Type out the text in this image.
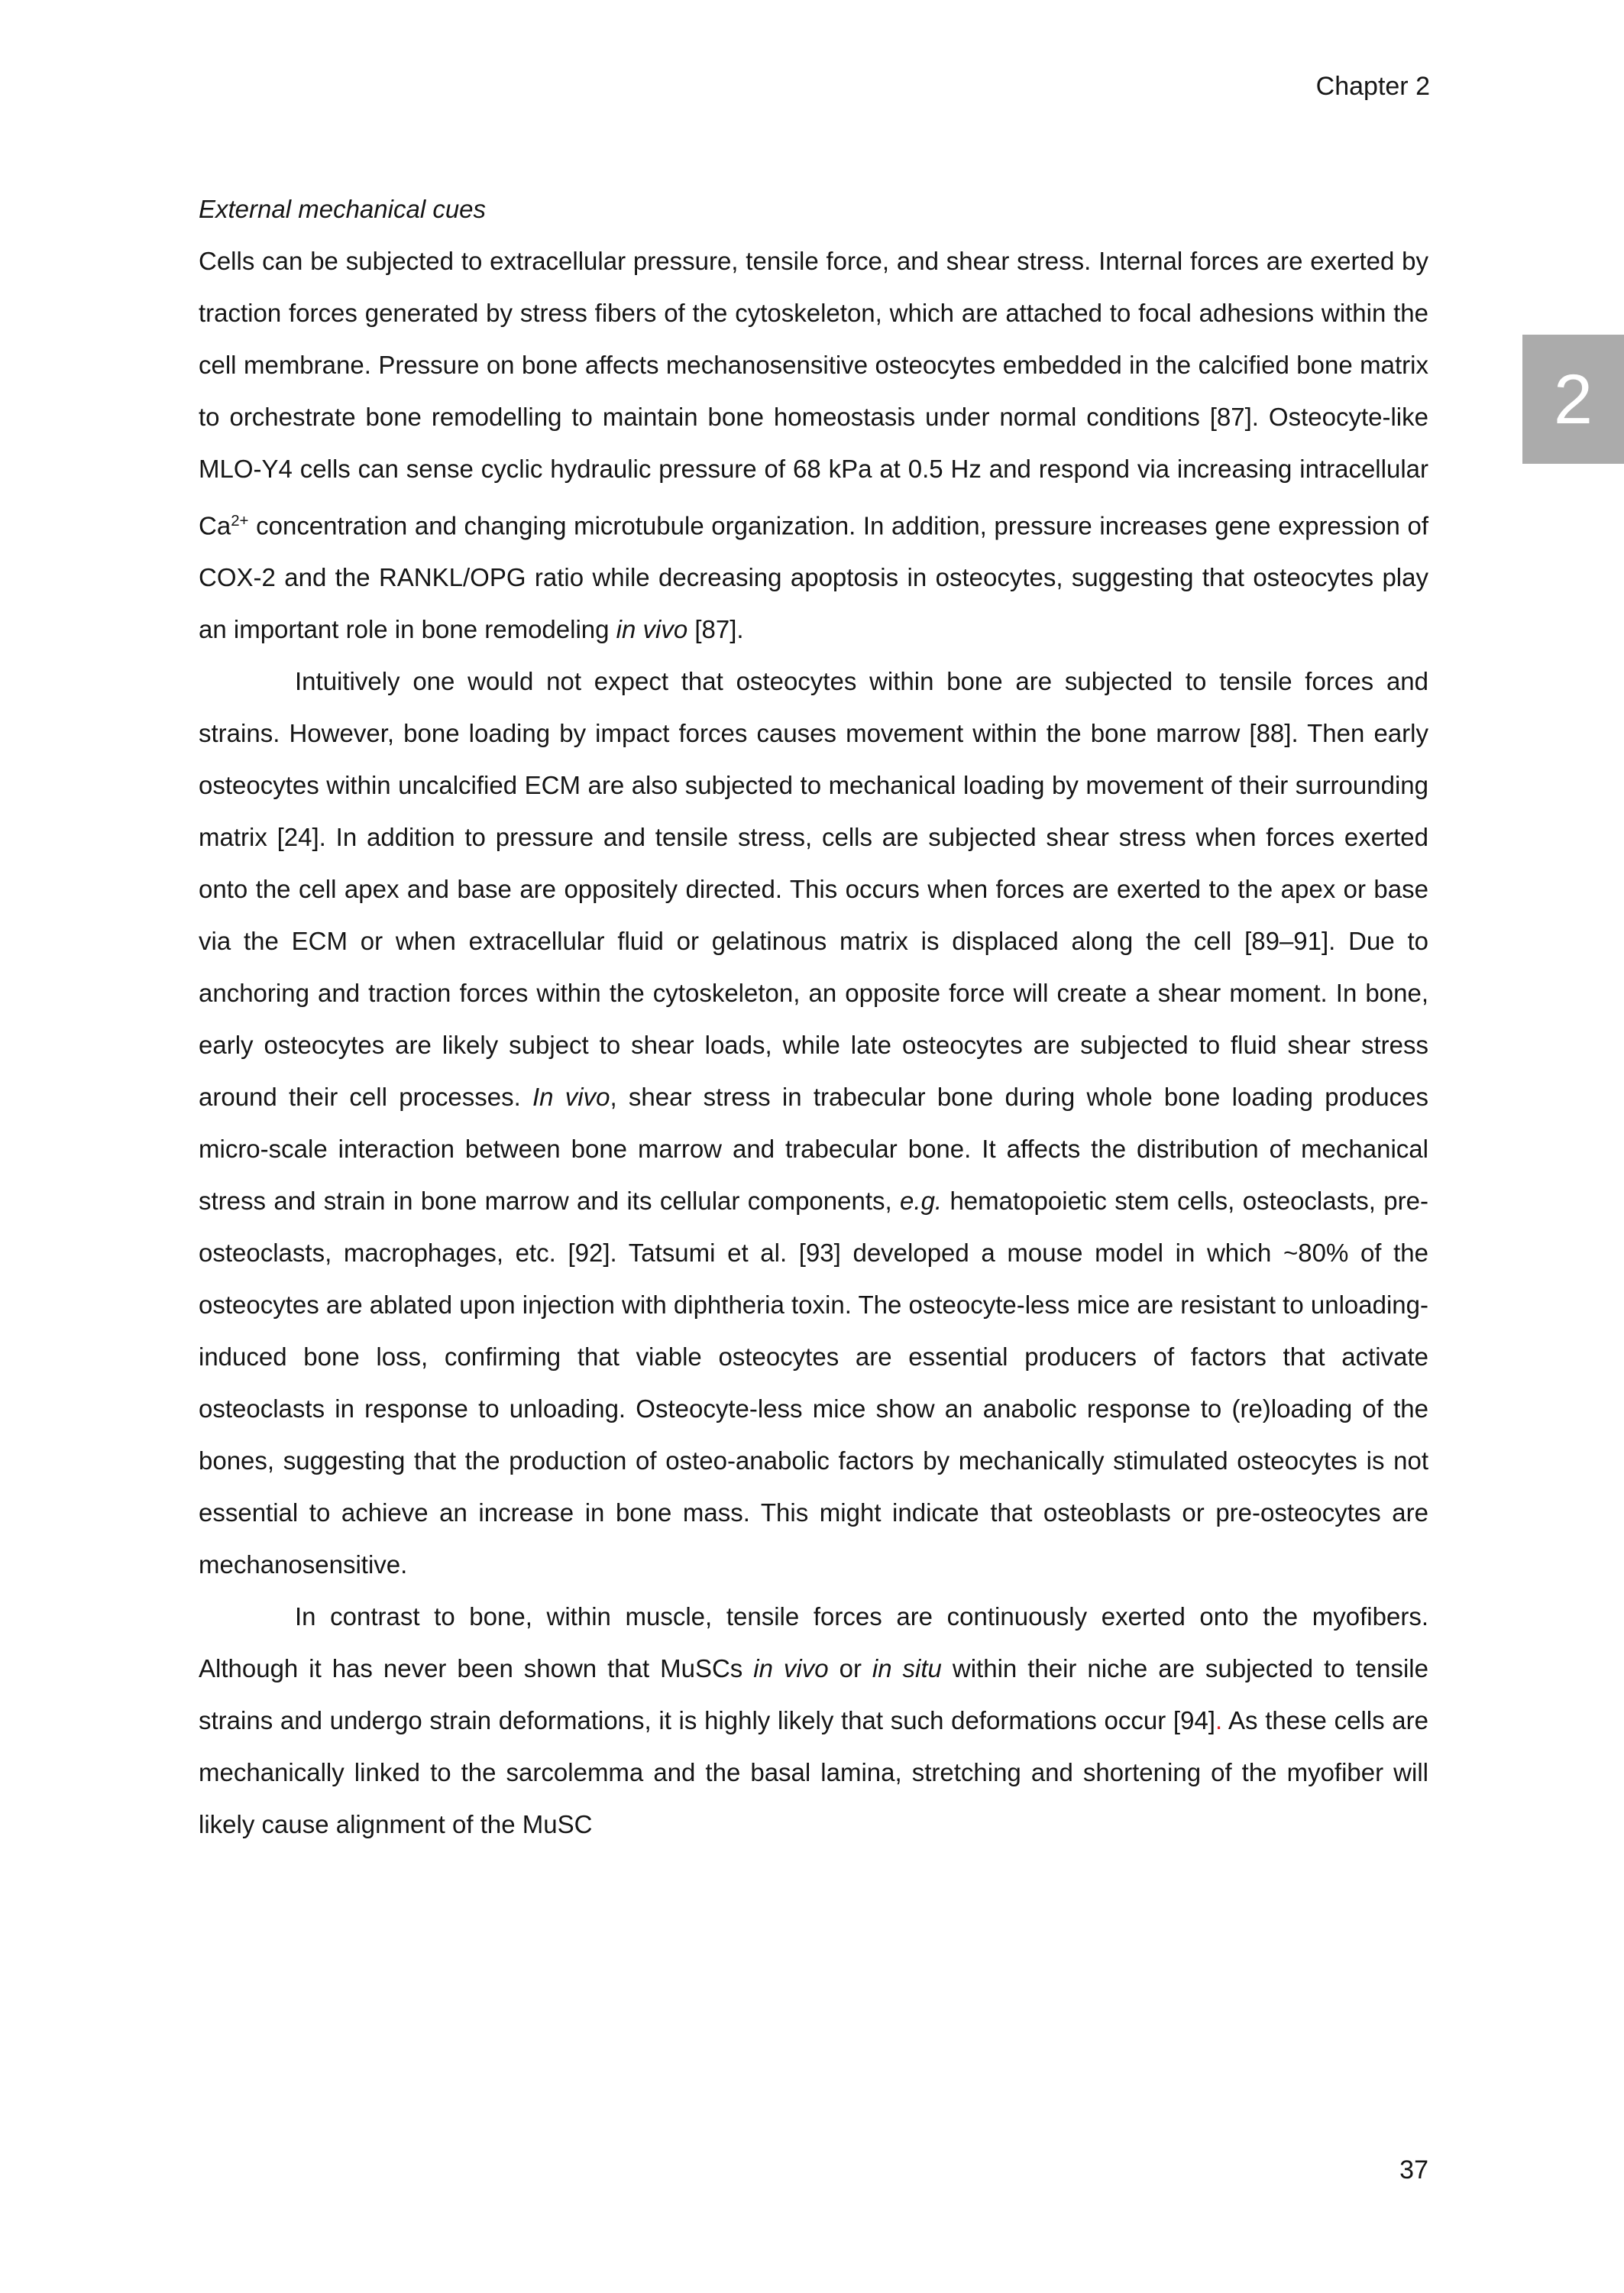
Chapter 2
2
External mechanical cues

Cells can be subjected to extracellular pressure, tensile force, and shear stress. Internal forces are exerted by traction forces generated by stress fibers of the cytoskeleton, which are attached to focal adhesions within the cell membrane. Pressure on bone affects mechanosensitive osteocytes embedded in the calcified bone matrix to orchestrate bone remodelling to maintain bone homeostasis under normal conditions [87]. Osteocyte-like MLO-Y4 cells can sense cyclic hydraulic pressure of 68 kPa at 0.5 Hz and respond via increasing intracellular $Ca^{2+}$ concentration and changing microtubule organization. In addition, pressure increases gene expression of COX-2 and the RANKL/OPG ratio while decreasing apoptosis in osteocytes, suggesting that osteocytes play an important role in bone remodeling in vivo [87].

Intuitively one would not expect that osteocytes within bone are subjected to tensile forces and strains. However, bone loading by impact forces causes movement within the bone marrow [88]. Then early osteocytes within uncalcified ECM are also subjected to mechanical loading by movement of their surrounding matrix [24]. In addition to pressure and tensile stress, cells are subjected shear stress when forces exerted onto the cell apex and base are oppositely directed. This occurs when forces are exerted to the apex or base via the ECM or when extracellular fluid or gelatinous matrix is displaced along the cell [89–91]. Due to anchoring and traction forces within the cytoskeleton, an opposite force will create a shear moment. In bone, early osteocytes are likely subject to shear loads, while late osteocytes are subjected to fluid shear stress around their cell processes. In vivo, shear stress in trabecular bone during whole bone loading produces micro-scale interaction between bone marrow and trabecular bone. It affects the distribution of mechanical stress and strain in bone marrow and its cellular components, e.g. hematopoietic stem cells, osteoclasts, pre-osteoclasts, macrophages, etc. [92]. Tatsumi et al. [93] developed a mouse model in which ~80% of the osteocytes are ablated upon injection with diphtheria toxin. The osteocyte-less mice are resistant to unloading-induced bone loss, confirming that viable osteocytes are essential producers of factors that activate osteoclasts in response to unloading. Osteocyte-less mice show an anabolic response to (re)loading of the bones, suggesting that the production of osteo-anabolic factors by mechanically stimulated osteocytes is not essential to achieve an increase in bone mass. This might indicate that osteoblasts or pre-osteocytes are mechanosensitive.

In contrast to bone, within muscle, tensile forces are continuously exerted onto the myofibers. Although it has never been shown that MuSCs in vivo or in situ within their niche are subjected to tensile strains and undergo strain deformations, it is highly likely that such deformations occur [94]. As these cells are mechanically linked to the sarcolemma and the basal lamina, stretching and shortening of the myofiber will likely cause alignment of the MuSC

37
